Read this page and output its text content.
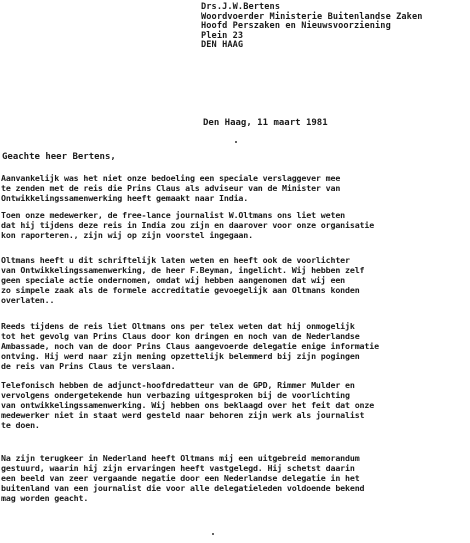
Drs.J.W.Bertens
Woordvoerder Ministerie Buitenlandse Zaken
Hoofd Perszaken en Nieuwsvoorziening
Plein 23
DEN HAAG
Den Haag, 11 maart 1981
Geachte heer Bertens,
Aanvankelijk was het niet onze bedoeling een speciale verslaggever mee
te zenden met de reis die Prins Claus als adviseur van de Minister van
Ontwikkelingssamenwerking heeft gemaakt naar India.
Toen onze medewerker, de free-lance journalist W.Oltmans ons liet weten
dat hij tijdens deze reis in India zou zijn en daarover voor onze organisatie
kon raporteren., zijn wij op zijn voorstel ingegaan.
Oltmans heeft u dit schriftelijk laten weten en heeft ook de voorlichter
van Ontwikkelingssamenwerking, de heer F.Beyman, ingelicht. Wij hebben zelf
geen speciale actie ondernomen, omdat wij hebben aangenomen dat wij een
zo simpele zaak als de formele accreditatie gevoegelijk aan Oltmans konden
overlaten..
Reeds tijdens de reis liet Oltmans ons per telex weten dat hij onmogelijk
tot het gevolg van Prins Claus door kon dringen en noch van de Nederlandse
Ambassade, noch van de door Prins Claus aangevoerde delegatie enige informatie
ontving. Hij werd naar zijn mening opzettelijk belemmerd bij zijn pogingen
de reis van Prins Claus te verslaan.
Telefonisch hebben de adjunct-hoofdredatteur van de GPD, Rimmer Mulder en
vervolgens ondergetekende hun verbazing uitgesproken bij de voorlichting
van ontwikkelingssamenwerking. Wij hebben ons beklaagd over het feit dat onze
medewerker niet in staat werd gesteld naar behoren zijn werk als journalist
te doen.
Na zijn terugkeer in Nederland heeft Oltmans mij een uitgebreid memorandum
gestuurd, waarin hij zijn ervaringen heeft vastgelegd. Hij schetst daarin
een beeld van zeer vergaande negatie door een Nederlandse delegatie in het
buitenland van een journalist die voor alle delegatieleden voldoende bekend
mag worden geacht.
